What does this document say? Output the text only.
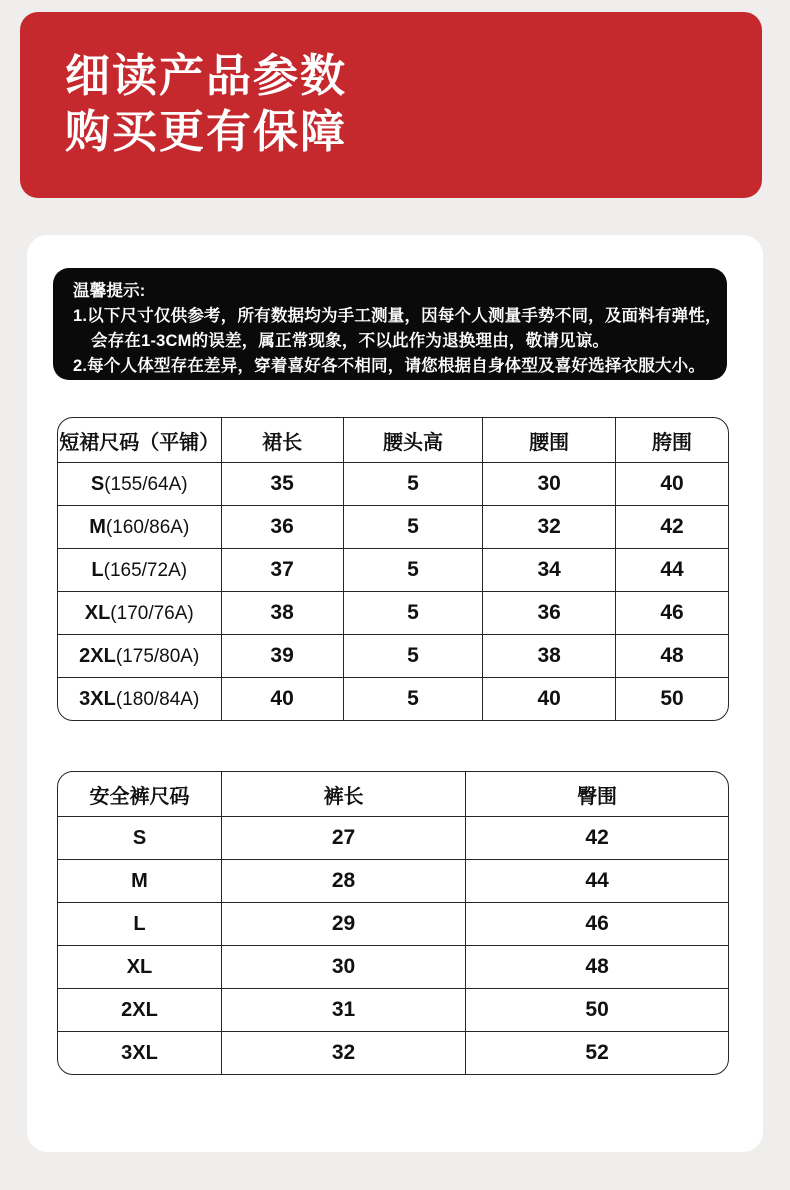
细读产品参数
购买更有保障
温馨提示:
1.以下尺寸仅供参考，所有数据均为手工测量，因每个人测量手势不同，及面料有弹性，
会存在1-3CM的误差，属正常现象，不以此作为退换理由，敬请见谅。
2.每个人体型存在差异，穿着喜好各不相同，请您根据自身体型及喜好选择衣服大小。
短裙尺码（平铺）	裙长	腰头高	腰围	胯围
S(155/64A)	35	5	30	40
M(160/86A)	36	5	32	42
L(165/72A)	37	5	34	44
XL(170/76A)	38	5	36	46
2XL(175/80A)	39	5	38	48
3XL(180/84A)	40	5	40	50
安全裤尺码	裤长	臀围
S	27	42
M	28	44
L	29	46
XL	30	48
2XL	31	50
3XL	32	52
